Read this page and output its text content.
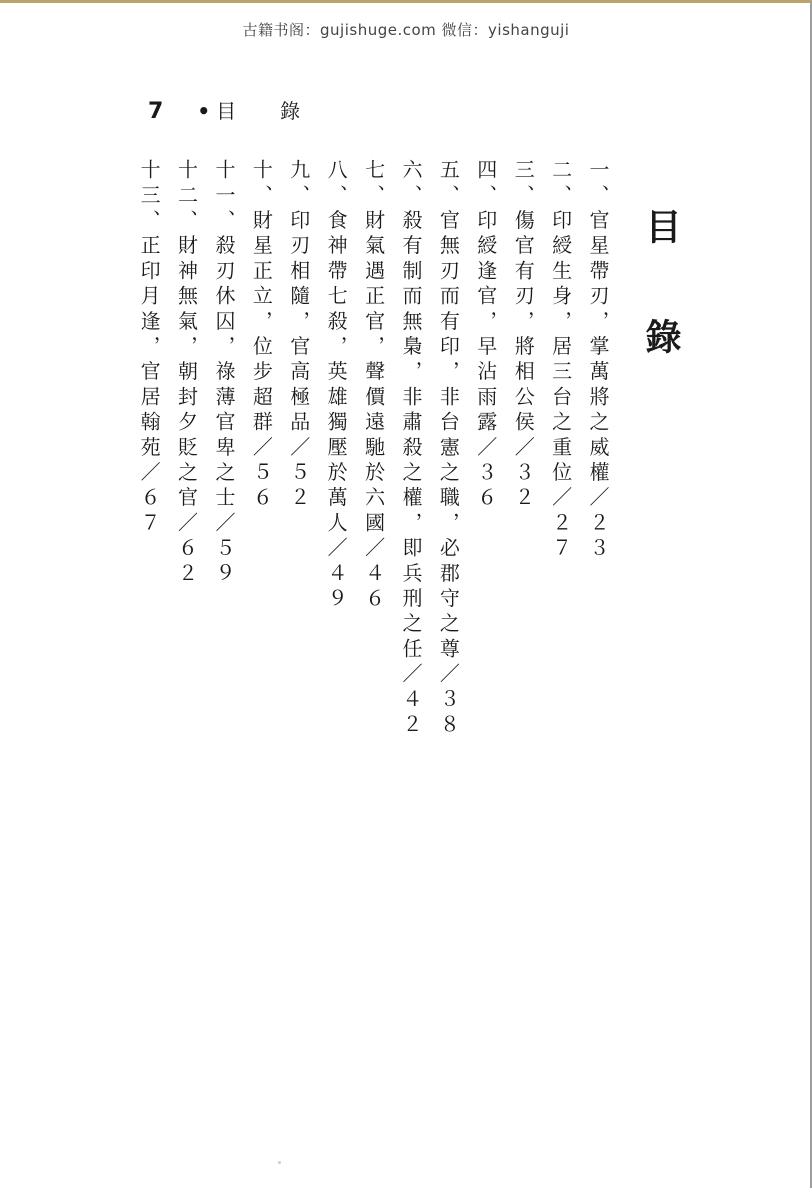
古籍书阁：gujishuge.com 微信：yishanguji
7 • 目 錄
目錄
一、官星帶刃，掌萬將之威權／２３
二、印綬生身，居三台之重位／２７
三、傷官有刃，將相公侯／３２
四、印綬逢官，早沾雨露／３６
五、官無刃而有印，非台憲之職，必郡守之尊／３８
六、殺有制而無梟，非肅殺之權，即兵刑之任／４２
七、財氣遇正官，聲價遠馳於六國／４６
八、食神帶七殺，英雄獨壓於萬人／４９
九、印刃相隨，官高極品／５２
十、財星正立，位步超群／５６
十一、殺刃休囚，祿薄官卑之士／５９
十二、財神無氣，朝封夕貶之官／６２
十三、正印月逢，官居翰苑／６７
